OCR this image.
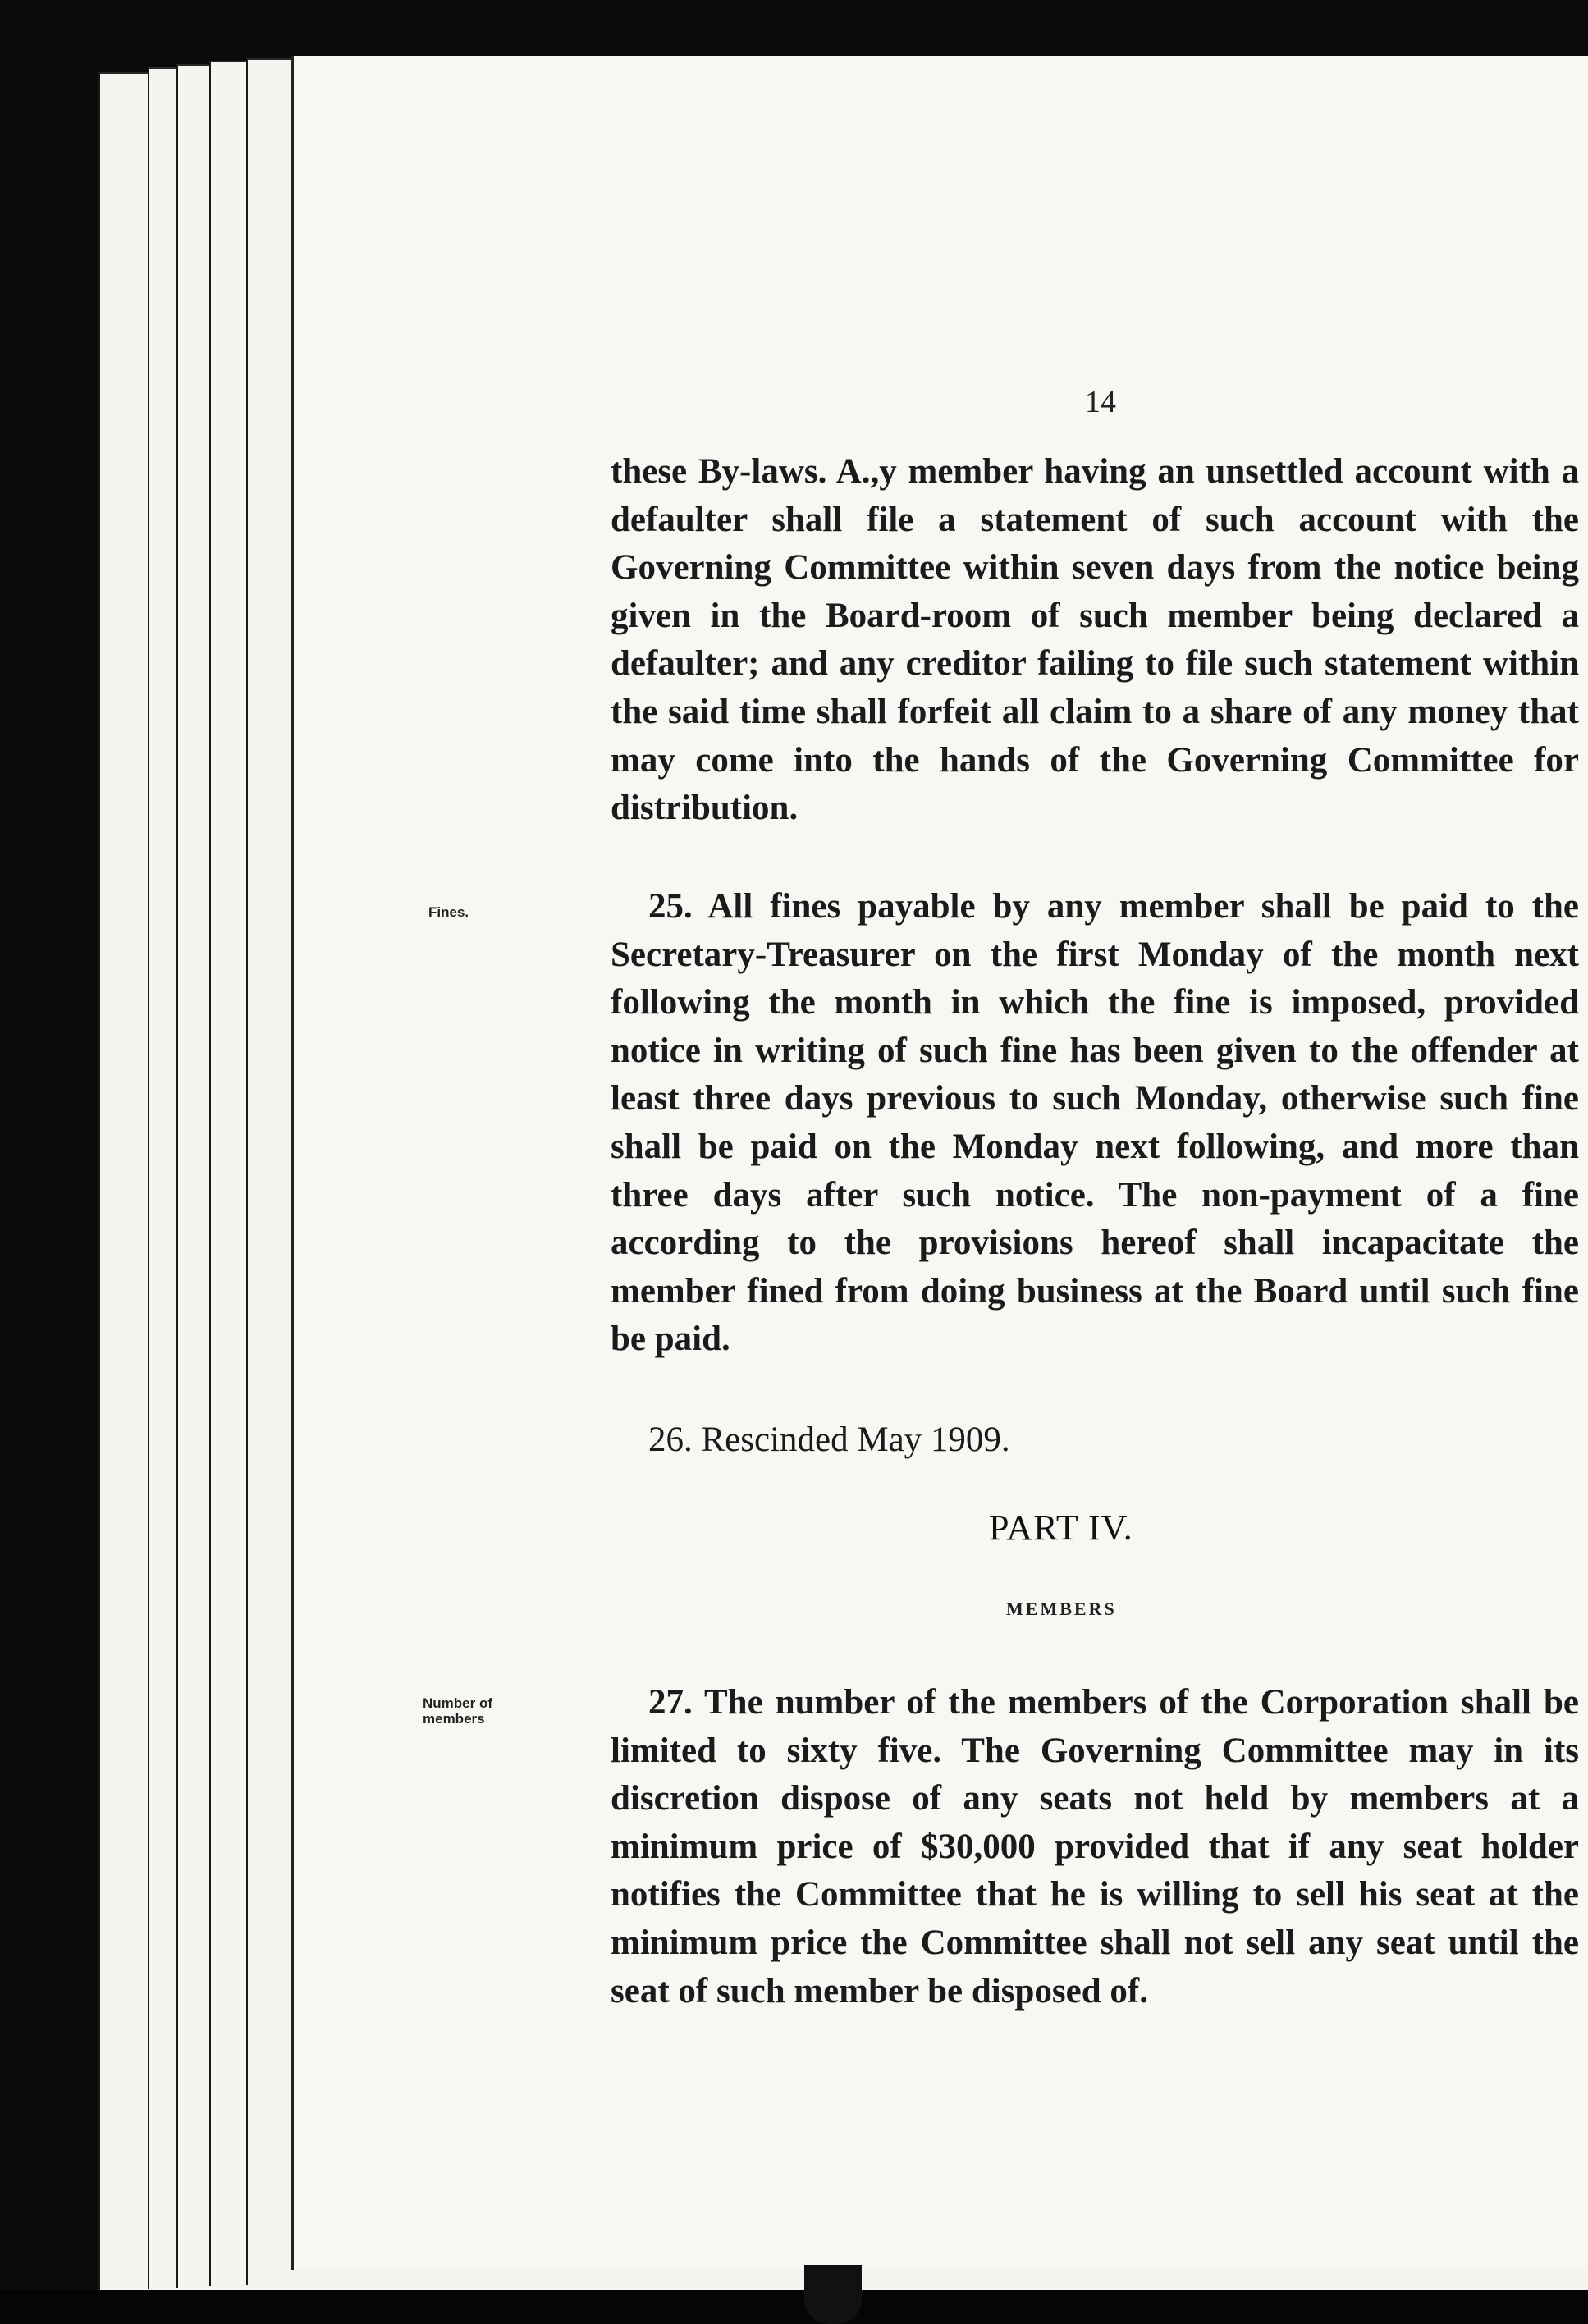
14

these By-laws. A.,y member having an unsettled account with a defaulter shall file a statement of such account with the Governing Committee within seven days from the notice being given in the Board-room of such member being declared a defaulter; and any creditor failing to file such statement within the said time shall forfeit all claim to a share of any money that may come into the hands of the Governing Committee for distribution.

Fines.	25. All fines payable by any member shall be paid to the Secretary-Treasurer on the first Monday of the month next following the month in which the fine is imposed, provided notice in writing of such fine has been given to the offender at least three days previous to such Monday, otherwise such fine shall be paid on the Monday next following, and more than three days after such notice. The non-payment of a fine according to the provisions hereof shall incapacitate the member fined from doing business at the Board until such fine be paid.

26. Rescinded May 1909.
PART IV.
MEMBERS
Number of
members	27. The number of the members of the Corporation shall be limited to sixty five. The Governing Committee may in its discretion dispose of any seats not held by members at a minimum price of $30,000 provided that if any seat holder notifies the Committee that he is willing to sell his seat at the minimum price the Committee shall not sell any seat until the seat of such member be disposed of.
